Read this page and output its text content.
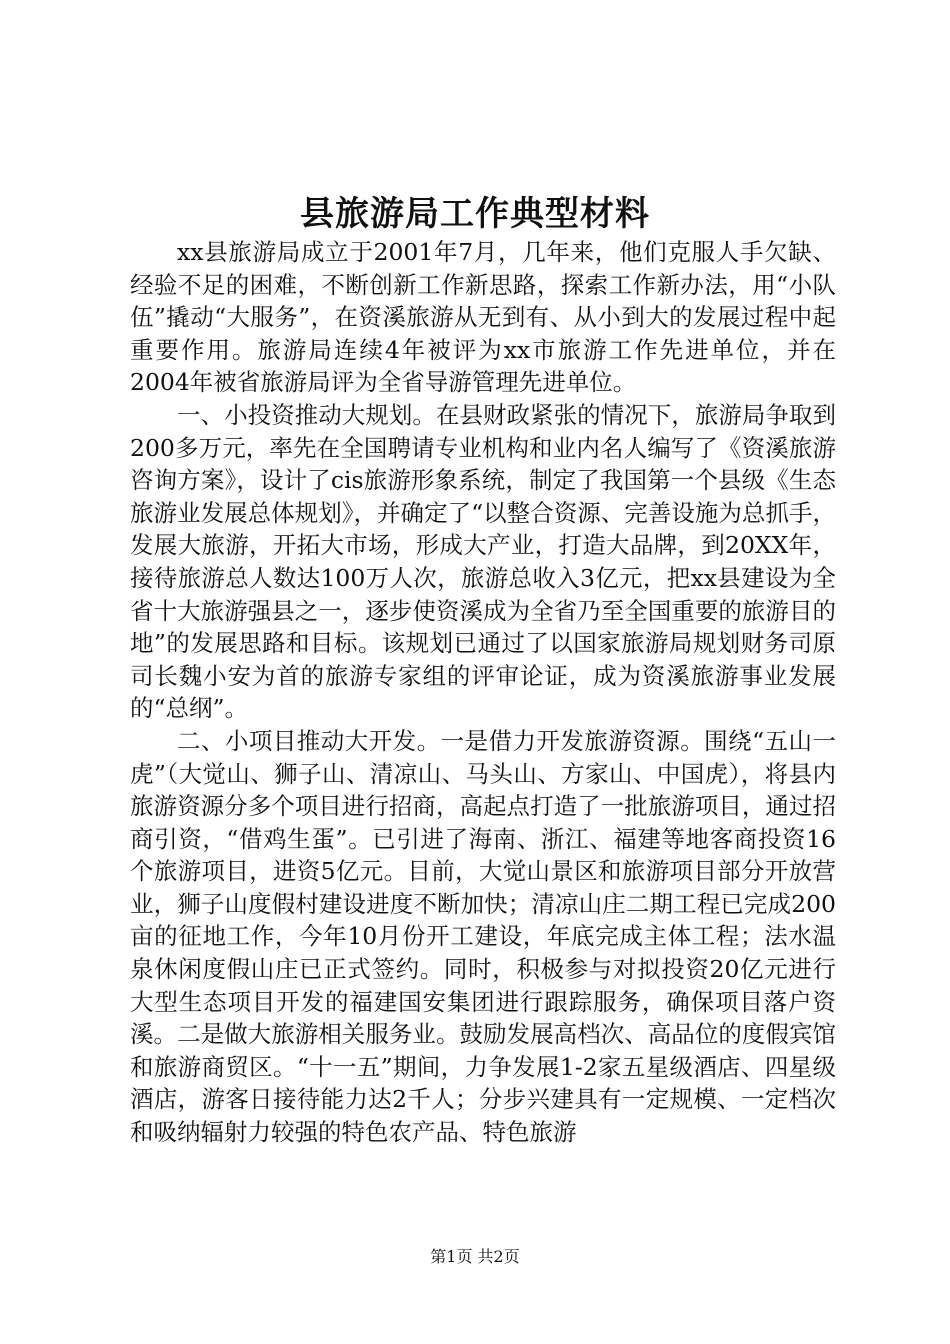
县旅游局工作典型材料

xx县旅游局成立于2001年7月，几年来，他们克服人手欠缺、经验不足的困难，不断创新工作新思路，探索工作新办法，用“小队伍”撬动“大服务”，在资溪旅游从无到有、从小到大的发展过程中起重要作用。旅游局连续4年被评为xx市旅游工作先进单位，并在2004年被省旅游局评为全省导游管理先进单位。

一、小投资推动大规划。在县财政紧张的情况下，旅游局争取到200多万元，率先在全国聘请专业机构和业内名人编写了《资溪旅游咨询方案》，设计了cis旅游形象系统，制定了我国第一个县级《生态旅游业发展总体规划》，并确定了“以整合资源、完善设施为总抓手，发展大旅游，开拓大市场，形成大产业，打造大品牌，到20XX年，接待旅游总人数达100万人次，旅游总收入3亿元，把xx县建设为全省十大旅游强县之一，逐步使资溪成为全省乃至全国重要的旅游目的地”的发展思路和目标。该规划已通过了以国家旅游局规划财务司原司长魏小安为首的旅游专家组的评审论证，成为资溪旅游事业发展的“总纲”。

二、小项目推动大开发。一是借力开发旅游资源。围绕“五山一虎”（大觉山、狮子山、清凉山、马头山、方家山、中国虎），将县内旅游资源分多个项目进行招商，高起点打造了一批旅游项目，通过招商引资，“借鸡生蛋”。已引进了海南、浙江、福建等地客商投资16个旅游项目，进资5亿元。目前，大觉山景区和旅游项目部分开放营业，狮子山度假村建设进度不断加快；清凉山庄二期工程已完成200亩的征地工作，今年10月份开工建设，年底完成主体工程；法水温泉休闲度假山庄已正式签约。同时，积极参与对拟投资20亿元进行大型生态项目开发的福建国安集团进行跟踪服务，确保项目落户资溪。二是做大旅游相关服务业。鼓励发展高档次、高品位的度假宾馆和旅游商贸区。“十一五”期间，力争发展1-2家五星级酒店、四星级酒店，游客日接待能力达2千人；分步兴建具有一定规模、一定档次和吸纳辐射力较强的特色农产品、特色旅游

第1页 共2页
